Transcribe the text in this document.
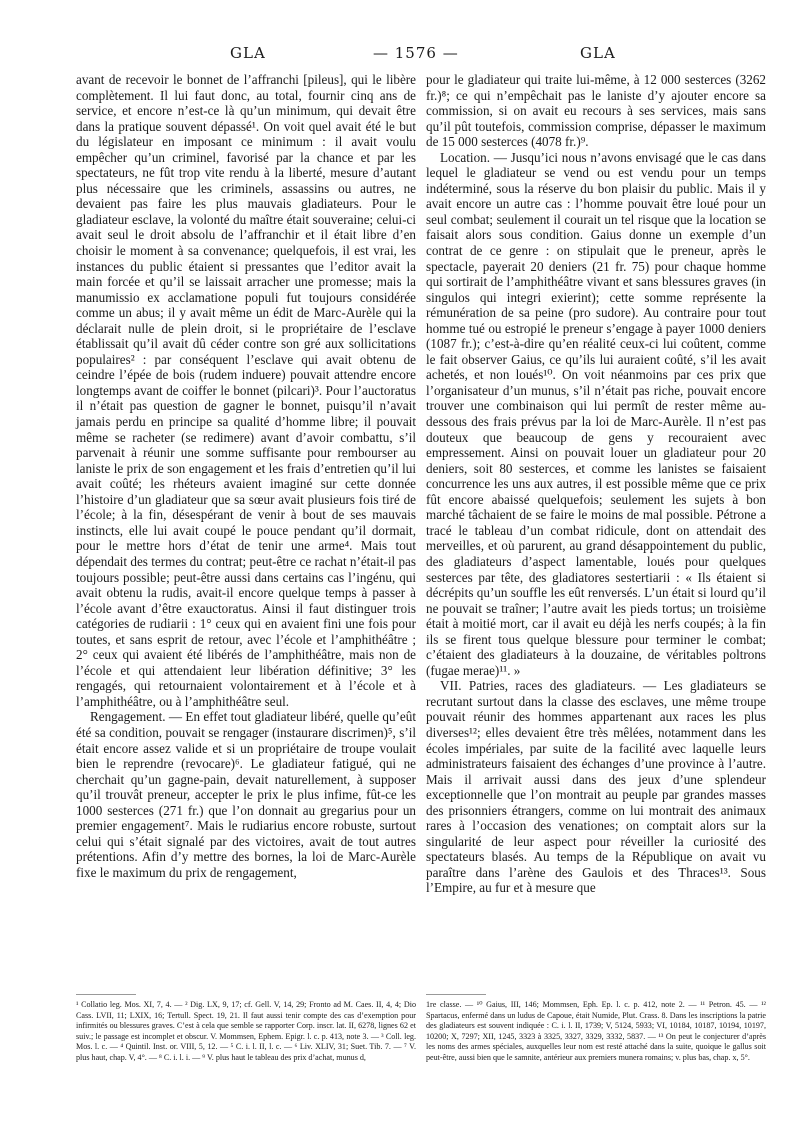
GLA	— 1576 —	GLA

avant de recevoir le bonnet de l’affranchi [pileus], qui le libère complètement. Il lui faut donc, au total, fournir cinq ans de service, et encore n’est-ce là qu’un minimum, qui devait être dans la pratique souvent dépassé¹. On voit quel avait été le but du législateur en imposant ce minimum : il avait voulu empêcher qu’un criminel, favorisé par la chance et par les spectateurs, ne fût trop vite rendu à la liberté, mesure d’autant plus nécessaire que les criminels, assassins ou autres, ne devaient pas faire les plus mauvais gladiateurs. Pour le gladiateur esclave, la volonté du maître était souveraine; celui-ci avait seul le droit absolu de l’affranchir et il était libre d’en choisir le moment à sa convenance; quelquefois, il est vrai, les instances du public étaient si pressantes que l’editor avait la main forcée et qu’il se laissait arracher une promesse; mais la manumissio ex acclamatione populi fut toujours considérée comme un abus; il y avait même un édit de Marc-Aurèle qui la déclarait nulle de plein droit, si le propriétaire de l’esclave établissait qu’il avait dû céder contre son gré aux sollicitations populaires² : par conséquent l’esclave qui avait obtenu de ceindre l’épée de bois (rudem induere) pouvait attendre encore longtemps avant de coiffer le bonnet (pilcari)³. Pour l’auctoratus il n’était pas question de gagner le bonnet, puisqu’il n’avait jamais perdu en principe sa qualité d’homme libre; il pouvait même se racheter (se redimere) avant d’avoir combattu, s’il parvenait à réunir une somme suffisante pour rembourser au laniste le prix de son engagement et les frais d’entretien qu’il lui avait coûté; les rhéteurs avaient imaginé sur cette donnée l’histoire d’un gladiateur que sa sœur avait plusieurs fois tiré de l’école; à la fin, désespérant de venir à bout de ses mauvais instincts, elle lui avait coupé le pouce pendant qu’il dormait, pour le mettre hors d’état de tenir une arme⁴. Mais tout dépendait des termes du contrat; peut-être ce rachat n’était-il pas toujours possible; peut-être aussi dans certains cas l’ingénu, qui avait obtenu la rudis, avait-il encore quelque temps à passer à l’école avant d’être exauctoratus. Ainsi il faut distinguer trois catégories de rudiarii : 1° ceux qui en avaient fini une fois pour toutes, et sans esprit de retour, avec l’école et l’amphithéâtre ; 2° ceux qui avaient été libérés de l’amphithéâtre, mais non de l’école et qui attendaient leur libération définitive; 3° les rengagés, qui retournaient volontairement et à l’école et à l’amphithéâtre, ou à l’amphithéâtre seul.

Rengagement. — En effet tout gladiateur libéré, quelle qu’eût été sa condition, pouvait se rengager (instaurare discrimen)⁵, s’il était encore assez valide et si un propriétaire de troupe voulait bien le reprendre (revocare)⁶. Le gladiateur fatigué, qui ne cherchait qu’un gagne-pain, devait naturellement, à supposer qu’il trouvât preneur, accepter le prix le plus infime, fût-ce les 1000 sesterces (271 fr.) que l’on donnait au gregarius pour un premier engagement⁷. Mais le rudiarius encore robuste, surtout celui qui s’était signalé par des victoires, avait de tout autres prétentions. Afin d’y mettre des bornes, la loi de Marc-Aurèle fixe le maximum du prix de rengagement,

pour le gladiateur qui traite lui-même, à 12 000 sesterces (3262 fr.)⁸; ce qui n’empêchait pas le laniste d’y ajouter encore sa commission, si on avait eu recours à ses services, mais sans qu’il pût toutefois, commission comprise, dépasser le maximum de 15 000 sesterces (4078 fr.)⁹.

Location. — Jusqu’ici nous n’avons envisagé que le cas dans lequel le gladiateur se vend ou est vendu pour un temps indéterminé, sous la réserve du bon plaisir du public. Mais il y avait encore un autre cas : l’homme pouvait être loué pour un seul combat; seulement il courait un tel risque que la location se faisait alors sous condition. Gaius donne un exemple d’un contrat de ce genre : on stipulait que le preneur, après le spectacle, payerait 20 deniers (21 fr. 75) pour chaque homme qui sortirait de l’amphithéâtre vivant et sans blessures graves (in singulos qui integri exierint); cette somme représente la rémunération de sa peine (pro sudore). Au contraire pour tout homme tué ou estropié le preneur s’engage à payer 1000 deniers (1087 fr.); c’est-à-dire qu’en réalité ceux-ci lui coûtent, comme le fait observer Gaius, ce qu’ils lui auraient coûté, s’il les avait achetés, et non loués¹⁰. On voit néanmoins par ces prix que l’organisateur d’un munus, s’il n’était pas riche, pouvait encore trouver une combinaison qui lui permît de rester même au-dessous des frais prévus par la loi de Marc-Aurèle. Il n’est pas douteux que beaucoup de gens y recouraient avec empressement. Ainsi on pouvait louer un gladiateur pour 20 deniers, soit 80 sesterces, et comme les lanistes se faisaient concurrence les uns aux autres, il est possible même que ce prix fût encore abaissé quelquefois; seulement les sujets à bon marché tâchaient de se faire le moins de mal possible. Pétrone a tracé le tableau d’un combat ridicule, dont on attendait des merveilles, et où parurent, au grand désappointement du public, des gladiateurs d’aspect lamentable, loués pour quelques sesterces par tête, des gladiatores sestertiarii : « Ils étaient si décrépits qu’un souffle les eût renversés. L’un était si lourd qu’il ne pouvait se traîner; l’autre avait les pieds tortus; un troisième était à moitié mort, car il avait eu déjà les nerfs coupés; à la fin ils se firent tous quelque blessure pour terminer le combat; c’étaient des gladiateurs à la douzaine, de véritables poltrons (fugae merae)¹¹. »

VII. Patries, races des gladiateurs. — Les gladiateurs se recrutant surtout dans la classe des esclaves, une même troupe pouvait réunir des hommes appartenant aux races les plus diverses¹²; elles devaient être très mêlées, notamment dans les écoles impériales, par suite de la facilité avec laquelle leurs administrateurs faisaient des échanges d’une province à l’autre. Mais il arrivait aussi dans des jeux d’une splendeur exceptionnelle que l’on montrait au peuple par grandes masses des prisonniers étrangers, comme on lui montrait des animaux rares à l’occasion des venationes; on comptait alors sur la singularité de leur aspect pour réveiller la curiosité des spectateurs blasés. Au temps de la République on avait vu paraître dans l’arène des Gaulois et des Thraces¹³. Sous l’Empire, au fur et à mesure que

¹ Collatio leg. Mos. XI, 7, 4. — ² Dig. LX, 9, 17; cf. Gell. V, 14, 29; Fronto ad M. Caes. II, 4, 4; Dio Cass. LVII, 11; LXIX, 16; Tertull. Spect. 19, 21. Il faut aussi tenir compte des cas d’exemption pour infirmités ou blessures graves. C’est à cela que semble se rapporter Corp. inscr. lat. II, 6278, lignes 62 et suiv.; le passage est incomplet et obscur. V. Mommsen, Ephem. Epigr. l. c. p. 413, note 3. — ³ Coll. leg. Mos. l. c. — ⁴ Quintil. Inst. or. VIII, 5, 12. — ⁵ C. i. l. II, l. c. — ⁶ Liv. XLIV, 31; Suet. Tib. 7. — ⁷ V. plus haut, chap. V, 4°. — ⁸ C. i. l. i. — ⁹ V. plus haut le tableau des prix d’achat, munus d,
1re classe. — ¹⁰ Gaius, III, 146; Mommsen, Eph. Ep. l. c. p. 412, note 2. — ¹¹ Petron. 45. — ¹² Spartacus, enfermé dans un ludus de Capoue, était Numide, Plut. Crass. 8. Dans les inscriptions la patrie des gladiateurs est souvent indiquée : C. i. l. II, 1739; V, 5124, 5933; VI, 10184, 10187, 10194, 10197, 10200; X, 7297; XII, 1245, 3323 à 3325, 3327, 3329, 3332, 5837. — ¹³ On peut le conjecturer d’après les noms des armes spéciales, auxquelles leur nom est resté attaché dans la suite, quoique le gallus soit peut-être, aussi bien que le samnite, antérieur aux premiers munera romains; v. plus bas, chap. x, 5°.
